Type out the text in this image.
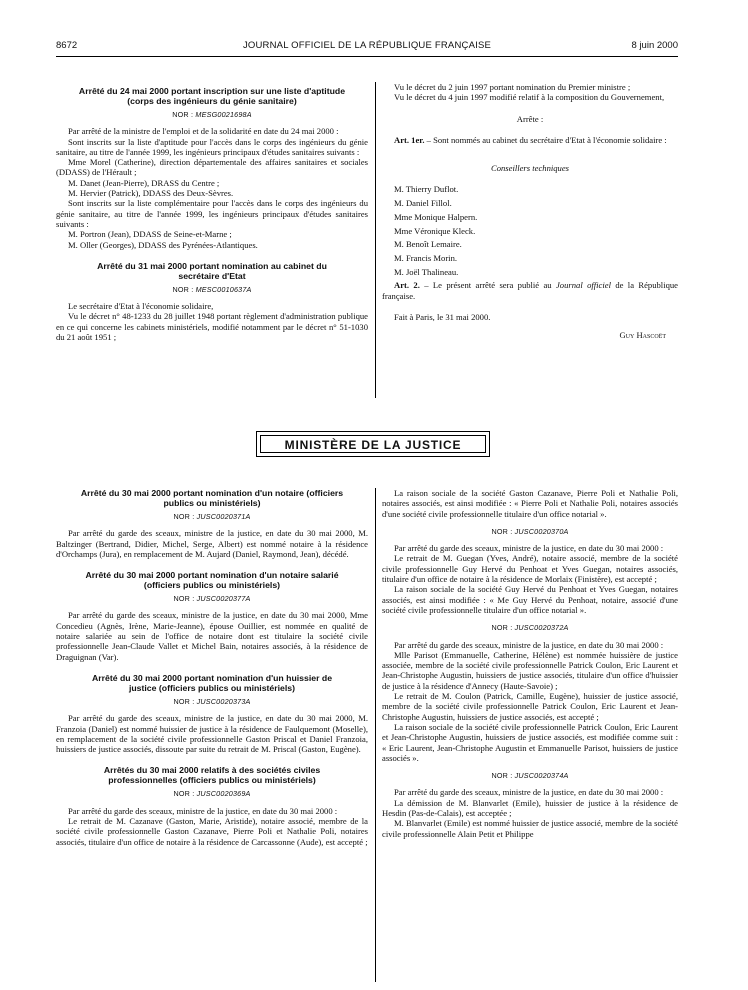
8672	JOURNAL OFFICIEL DE LA RÉPUBLIQUE FRANÇAISE	8 juin 2000
Arrêté du 24 mai 2000 portant inscription sur une liste d'aptitude (corps des ingénieurs du génie sanitaire)
NOR : MESG0021698A

Par arrêté de la ministre de l'emploi et de la solidarité en date du 24 mai 2000 :

Sont inscrits sur la liste d'aptitude pour l'accès dans le corps des ingénieurs du génie sanitaire, au titre de l'année 1999, les ingénieurs principaux d'études sanitaires suivants :

Mme Morel (Catherine), direction départementale des affaires sanitaires et sociales (DDASS) de l'Hérault ;

M. Danet (Jean-Pierre), DRASS du Centre ;

M. Hervier (Patrick), DDASS des Deux-Sèvres.

Sont inscrits sur la liste complémentaire pour l'accès dans le corps des ingénieurs du génie sanitaire, au titre de l'année 1999, les ingénieurs principaux d'études sanitaires suivants :

M. Portron (Jean), DDASS de Seine-et-Marne ;

M. Oller (Georges), DDASS des Pyrénées-Atlantiques.

Arrêté du 31 mai 2000 portant nomination au cabinet du secrétaire d'Etat
NOR : MESC0010637A

Le secrétaire d'Etat à l'économie solidaire,

Vu le décret n° 48-1233 du 28 juillet 1948 portant règlement d'administration publique en ce qui concerne les cabinets ministériels, modifié notamment par le décret n° 51-1030 du 21 août 1951 ;

Vu le décret du 2 juin 1997 portant nomination du Premier ministre ;

Vu le décret du 4 juin 1997 modifié relatif à la composition du Gouvernement,

Arrête :

Art. 1er. – Sont nommés au cabinet du secrétaire d'Etat à l'économie solidaire :

Conseillers techniques

M. Thierry Duflot.

M. Daniel Fillol.

Mme Monique Halpern.

Mme Véronique Kleck.

M. Benoît Lemaire.

M. Francis Morin.

M. Joël Thalineau.

Art. 2. – Le présent arrêté sera publié au Journal officiel de la République française.

Fait à Paris, le 31 mai 2000.

Guy Hascoët

MINISTÈRE DE LA JUSTICE
Arrêté du 30 mai 2000 portant nomination d'un notaire (officiers publics ou ministériels)
NOR : JUSC0020371A

Par arrêté du garde des sceaux, ministre de la justice, en date du 30 mai 2000, M. Baltzinger (Bertrand, Didier, Michel, Serge, Albert) est nommé notaire à la résidence d'Orchamps (Jura), en remplacement de M. Aujard (Daniel, Raymond, Jean), décédé.

Arrêté du 30 mai 2000 portant nomination d'un notaire salarié (officiers publics ou ministériels)
NOR : JUSC0020377A

Par arrêté du garde des sceaux, ministre de la justice, en date du 30 mai 2000, Mme Concedieu (Agnès, Irène, Marie-Jeanne), épouse Ouillier, est nommée en qualité de notaire salariée au sein de l'office de notaire dont est titulaire la société civile professionnelle Jean-Claude Vallet et Michel Bain, notaires associés, à la résidence de Draguignan (Var).

Arrêté du 30 mai 2000 portant nomination d'un huissier de justice (officiers publics ou ministériels)
NOR : JUSC0020373A

Par arrêté du garde des sceaux, ministre de la justice, en date du 30 mai 2000, M. Franzoia (Daniel) est nommé huissier de justice à la résidence de Faulquemont (Moselle), en remplacement de la société civile professionnelle Gaston Priscal et Daniel Franzoia, huissiers de justice associés, dissoute par suite du retrait de M. Priscal (Gaston, Eugène).

Arrêtés du 30 mai 2000 relatifs à des sociétés civiles professionnelles (officiers publics ou ministériels)
NOR : JUSC0020369A

Par arrêté du garde des sceaux, ministre de la justice, en date du 30 mai 2000 :

Le retrait de M. Cazanave (Gaston, Marie, Aristide), notaire associé, membre de la société civile professionnelle Gaston Cazanave, Pierre Poli et Nathalie Poli, notaires associés, titulaire d'un office de notaire à la résidence de Carcassonne (Aude), est accepté ;

La raison sociale de la société Gaston Cazanave, Pierre Poli et Nathalie Poli, notaires associés, est ainsi modifiée : « Pierre Poli et Nathalie Poli, notaires associés d'une société civile professionnelle titulaire d'un office notarial ».

NOR : JUSC0020370A

Par arrêté du garde des sceaux, ministre de la justice, en date du 30 mai 2000 :

Le retrait de M. Guegan (Yves, André), notaire associé, membre de la société civile professionnelle Guy Hervé du Penhoat et Yves Guegan, notaires associés, titulaire d'un office de notaire à la résidence de Morlaix (Finistère), est accepté ;

La raison sociale de la société Guy Hervé du Penhoat et Yves Guegan, notaires associés, est ainsi modifiée : « Me Guy Hervé du Penhoat, notaire, associé d'une société civile professionnelle titulaire d'un office notarial ».

NOR : JUSC0020372A

Par arrêté du garde des sceaux, ministre de la justice, en date du 30 mai 2000 :

Mlle Parisot (Emmanuelle, Catherine, Hélène) est nommée huissière de justice associée, membre de la société civile professionnelle Patrick Coulon, Eric Laurent et Jean-Christophe Augustin, huissiers de justice associés, titulaire d'un office d'huissier de justice à la résidence d'Annecy (Haute-Savoie) ;

Le retrait de M. Coulon (Patrick, Camille, Eugène), huissier de justice associé, membre de la société civile professionnelle Patrick Coulon, Eric Laurent et Jean-Christophe Augustin, huissiers de justice associés, est accepté ;

La raison sociale de la société civile professionnelle Patrick Coulon, Eric Laurent et Jean-Christophe Augustin, huissiers de justice associés, est modifiée comme suit : « Eric Laurent, Jean-Christophe Augustin et Emmanuelle Parisot, huissiers de justice associés ».

NOR : JUSC0020374A

Par arrêté du garde des sceaux, ministre de la justice, en date du 30 mai 2000 :

La démission de M. Blanvarlet (Emile), huissier de justice à la résidence de Hesdin (Pas-de-Calais), est acceptée ;

M. Blanvarlet (Emile) est nommé huissier de justice associé, membre de la société civile professionnelle Alain Petit et Philippe
